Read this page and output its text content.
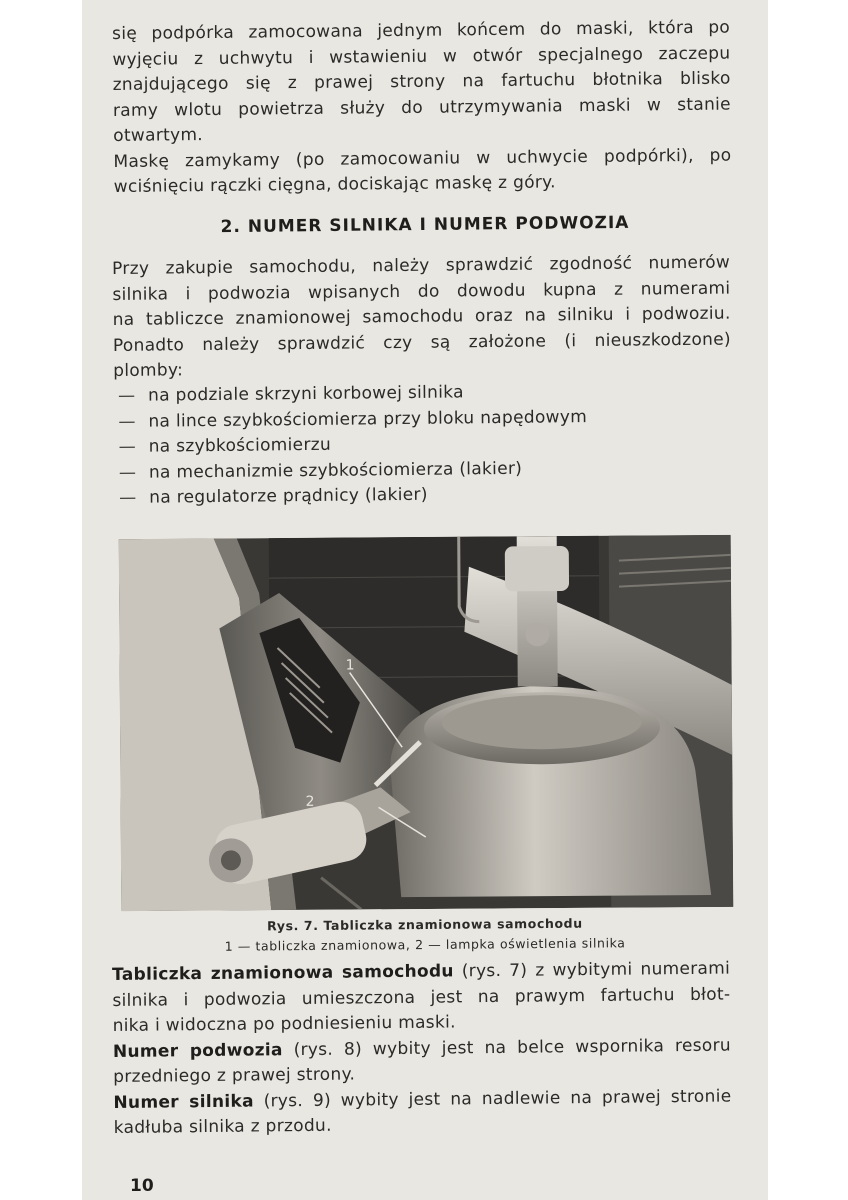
się podpórka zamocowana jednym końcem do maski, która po
wyjęciu z uchwytu i wstawieniu w otwór specjalnego zaczepu
znajdującego się z prawej strony na fartuchu błotnika blisko
ramy wlotu powietrza służy do utrzymywania maski w stanie
otwartym.
Maskę zamykamy (po zamocowaniu w uchwycie podpórki), po
wciśnięciu rączki cięgna, dociskając maskę z góry.
2. NUMER SILNIKA I NUMER PODWOZIA
Przy zakupie samochodu, należy sprawdzić zgodność numerów
silnika i podwozia wpisanych do dowodu kupna z numerami
na tabliczce znamionowej samochodu oraz na silniku i podwoziu.
Ponadto należy sprawdzić czy są założone (i nieuszkodzone)
plomby:
— na podziale skrzyni korbowej silnika
— na lince szybkościomierza przy bloku napędowym
— na szybkościomierzu
— na mechanizmie szybkościomierza (lakier)
— na regulatorze prądnicy (lakier)
1
2
Rys. 7. Tabliczka znamionowa samochodu
1 — tabliczka znamionowa, 2 — lampka oświetlenia silnika
Tabliczka znamionowa samochodu (rys. 7) z wybitymi numerami
silnika i podwozia umieszczona jest na prawym fartuchu błot-
nika i widoczna po podniesieniu maski.
Numer podwozia (rys. 8) wybity jest na belce wspornika resoru
przedniego z prawej strony.
Numer silnika (rys. 9) wybity jest na nadlewie na prawej stronie
kadłuba silnika z przodu.
10
